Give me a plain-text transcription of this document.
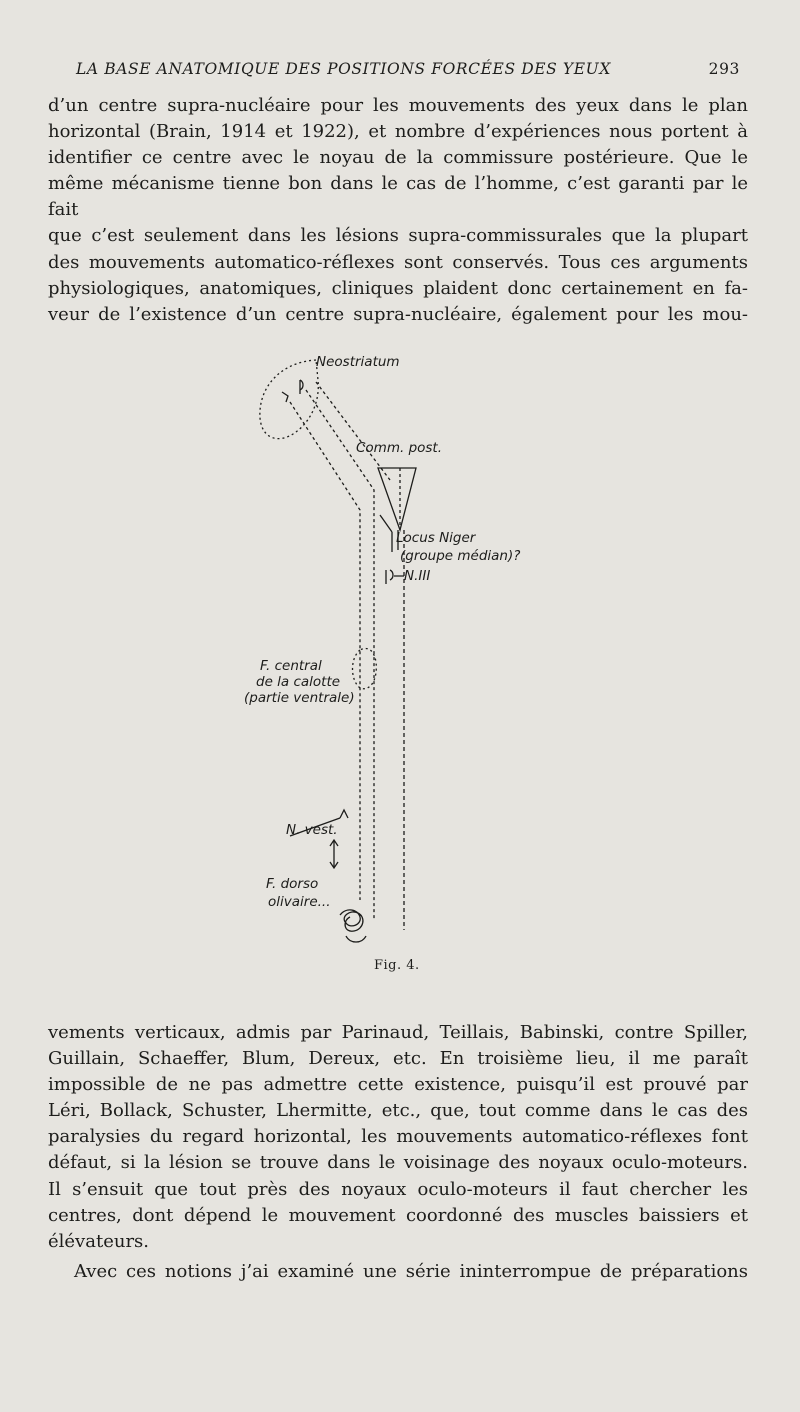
LA BASE ANATOMIQUE DES POSITIONS FORCÉES DES YEUX	293

d’un centre supra-nucléaire pour les mouvements des yeux dans le plan

horizontal (Brain, 1914 et 1922), et nombre d’expériences nous portent à

identifier ce centre avec le noyau de la commissure postérieure. Que le

même mécanisme tienne bon dans le cas de l’homme, c’est garanti par le fait

que c’est seulement dans les lésions supra-commissurales que la plupart

des mouvements automatico-réflexes sont conservés. Tous ces arguments

physiologiques, anatomiques, cliniques plaident donc certainement en fa-

veur de l’existence d’un centre supra-nucléaire, également pour les mou-

Neostriatum
Comm. post.
Locus Niger
(groupe médian)?
N.III
F. central
de la calotte
(partie ventrale)
N. vest.
F. dorso
olivaire...
Fig. 4.

vements verticaux, admis par Parinaud, Teillais, Babinski, contre Spiller,

Guillain, Schaeffer, Blum, Dereux, etc. En troisième lieu, il me paraît

impossible de ne pas admettre cette existence, puisqu’il est prouvé par

Léri, Bollack, Schuster, Lhermitte, etc., que, tout comme dans le cas des

paralysies du regard horizontal, les mouvements automatico-réflexes font

défaut, si la lésion se trouve dans le voisinage des noyaux oculo-moteurs.

Il s’ensuit que tout près des noyaux oculo-moteurs il faut chercher les

centres, dont dépend le mouvement coordonné des muscles baissiers et

élévateurs.

Avec ces notions j’ai examiné une série ininterrompue de préparations
